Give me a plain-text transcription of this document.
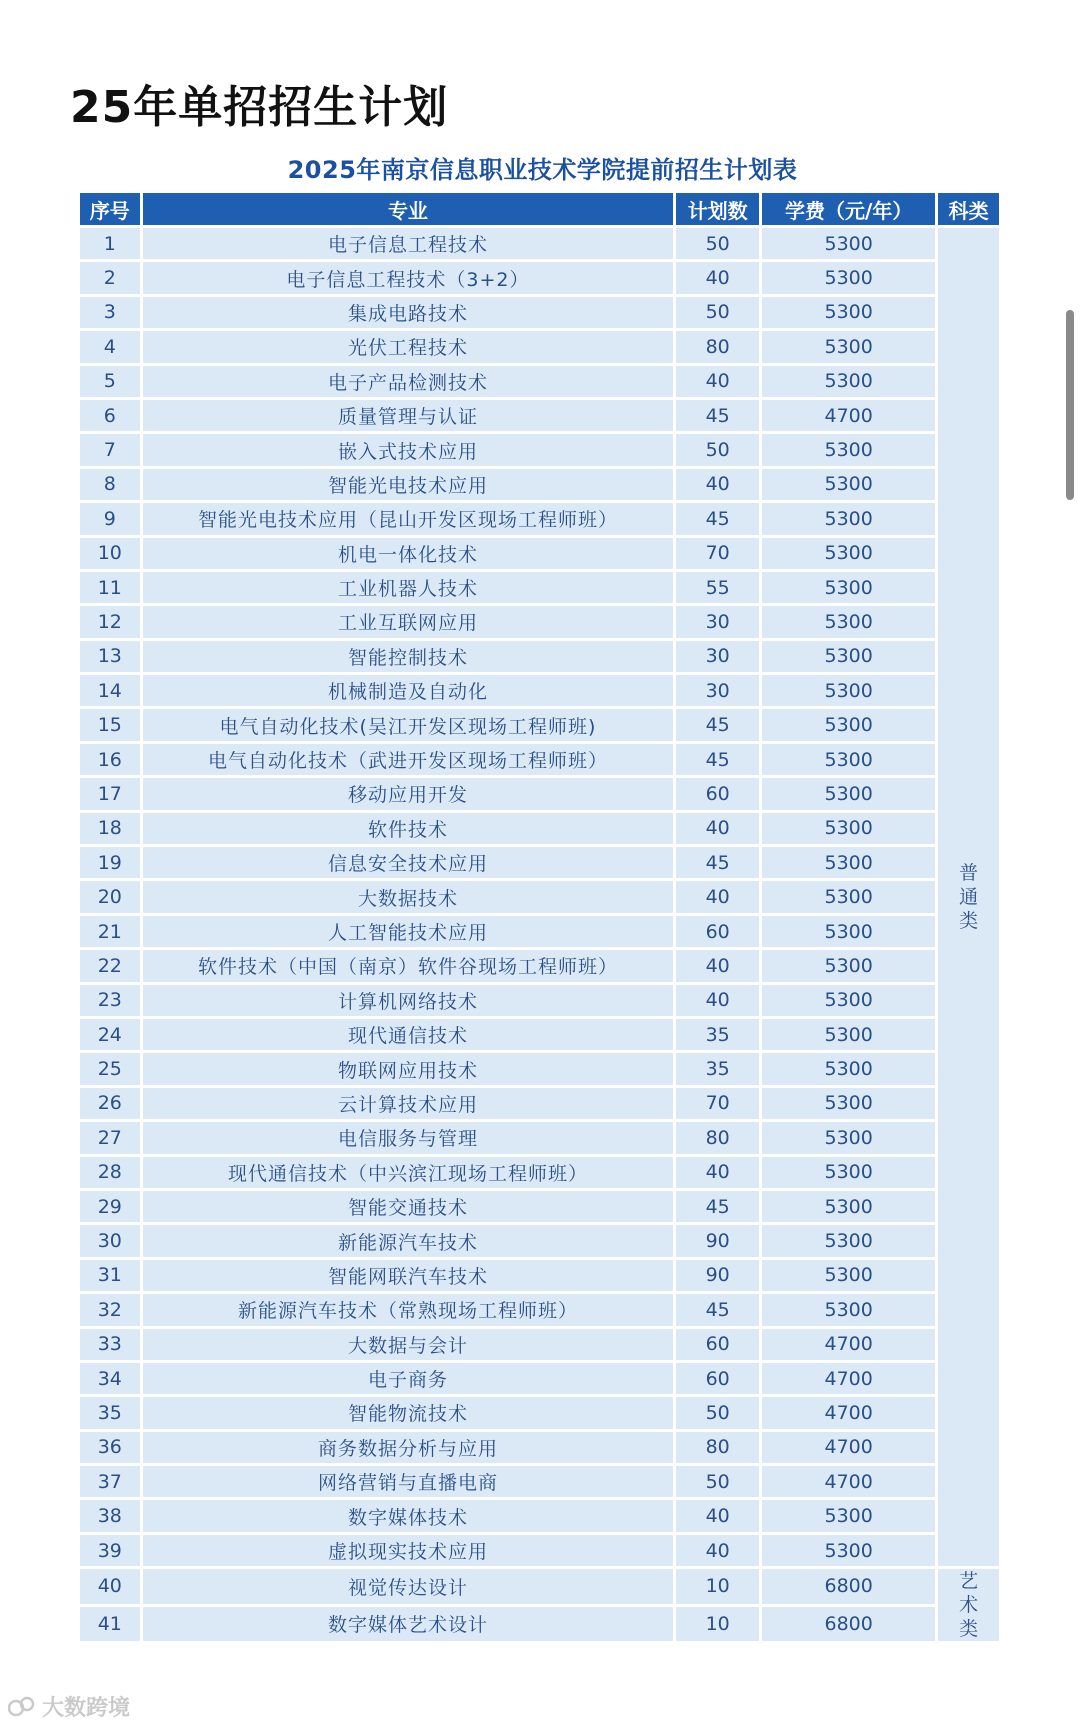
25年单招招生计划
2025年南京信息职业技术学院提前招生计划表
序号	专业	计划数	学费（元/年）	科类
1	电子信息工程技术	50	5300	普通类
2	电子信息工程技术（3+2）	40	5300	
3	集成电路技术	50	5300	
4	光伏工程技术	80	5300	
5	电子产品检测技术	40	5300	
6	质量管理与认证	45	4700	
7	嵌入式技术应用	50	5300	
8	智能光电技术应用	40	5300	
9	智能光电技术应用（昆山开发区现场工程师班）	45	5300	
10	机电一体化技术	70	5300	
11	工业机器人技术	55	5300	
12	工业互联网应用	30	5300	
13	智能控制技术	30	5300	
14	机械制造及自动化	30	5300	
15	电气自动化技术(吴江开发区现场工程师班)	45	5300	
16	电气自动化技术（武进开发区现场工程师班）	45	5300	
17	移动应用开发	60	5300	
18	软件技术	40	5300	
19	信息安全技术应用	45	5300	
20	大数据技术	40	5300	
21	人工智能技术应用	60	5300	
22	软件技术（中国（南京）软件谷现场工程师班）	40	5300	
23	计算机网络技术	40	5300	
24	现代通信技术	35	5300	
25	物联网应用技术	35	5300	
26	云计算技术应用	70	5300	
27	电信服务与管理	80	5300	
28	现代通信技术（中兴滨江现场工程师班）	40	5300	
29	智能交通技术	45	5300	
30	新能源汽车技术	90	5300	
31	智能网联汽车技术	90	5300	
32	新能源汽车技术（常熟现场工程师班）	45	5300	
33	大数据与会计	60	4700	
34	电子商务	60	4700	
35	智能物流技术	50	4700	
36	商务数据分析与应用	80	4700	
37	网络营销与直播电商	50	4700	
38	数字媒体技术	40	5300	
39	虚拟现实技术应用	40	5300	
40	视觉传达设计	10	6800	艺术类
41	数字媒体艺术设计	10	6800	
大数跨境
